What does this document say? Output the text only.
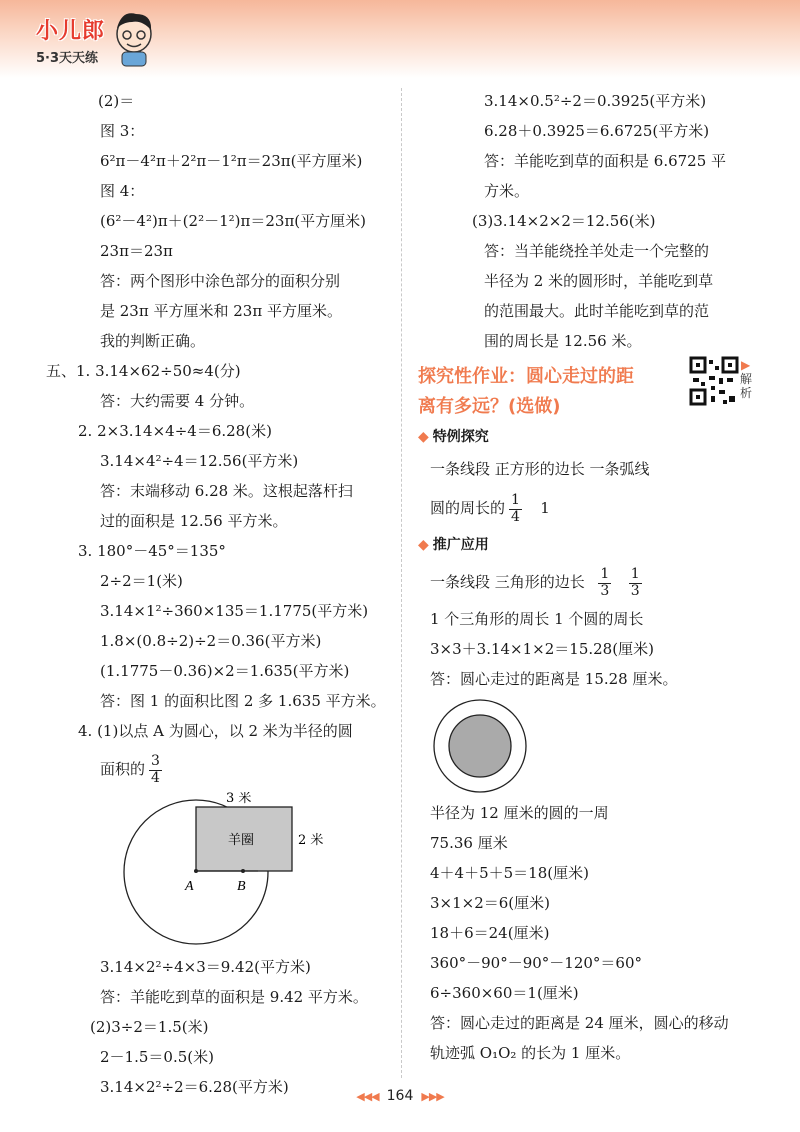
小儿郎
5·3天天练
(2)＝
图 3：
6²π－4²π＋2²π－1²π＝23π(平方厘米)
图 4：
(6²－4²)π＋(2²－1²)π＝23π(平方厘米)
23π＝23π
答：两个图形中涂色部分的面积分别
是 23π 平方厘米和 23π 平方厘米。
我的判断正确。
五、1. 3.14×62÷50≈4(分)
答：大约需要 4 分钟。
2. 2×3.14×4÷4＝6.28(米)
3.14×4²÷4＝12.56(平方米)
答：末端移动 6.28 米。这根起落杆扫
过的面积是 12.56 平方米。
3. 180°－45°＝135°
2÷2＝1(米)
3.14×1²÷360×135＝1.1775(平方米)
1.8×(0.8÷2)÷2＝0.36(平方米)
(1.1775－0.36)×2＝1.635(平方米)
答：图 1 的面积比图 2 多 1.635 平方米。
4. (1)以点 A 为圆心，以 2 米为半径的圆
面积的 $\frac{3}{4}$
3 米
2 米
羊圈
A	B
3.14×2²÷4×3＝9.42(平方米)
答：羊能吃到草的面积是 9.42 平方米。
(2)3÷2＝1.5(米)
2－1.5＝0.5(米)
3.14×2²÷2＝6.28(平方米)
3.14×0.5²÷2＝0.3925(平方米)
6.28＋0.3925＝6.6725(平方米)
答：羊能吃到草的面积是 6.6725 平
方米。
(3)3.14×2×2＝12.56(米)
答：当羊能绕拴羊处走一个完整的
半径为 2 米的圆形时，羊能吃到草
的范围最大。此时羊能吃到草的范
围的周长是 12.56 米。
探究性作业：圆心走过的距
离有多远？(选做)
◆ 特例探究
一条线段 正方形的边长 一条弧线
圆的周长的 $\frac{1}{4} 1$
◆ 推广应用
一条线段 三角形的边长 $\frac{1}{3}$
$\frac{1}{3}$
1 个三角形的周长 1 个圆的周长
3×3＋3.14×1×2＝15.28(厘米)
答：圆心走过的距离是 15.28 厘米。
半径为 12 厘米的圆的一周
75.36 厘米
4＋4＋5＋5＝18(厘米)
3×1×2＝6(厘米)
18＋6＝24(厘米)
360°－90°－90°－120°＝60°
6÷360×60＝1(厘米)
答：圆心走过的距离是 24 厘米，圆心的移动
轨迹弧 O₁O₂ 的长为 1 厘米。
▶
解析
◀◀◀ 164 ▶▶▶
